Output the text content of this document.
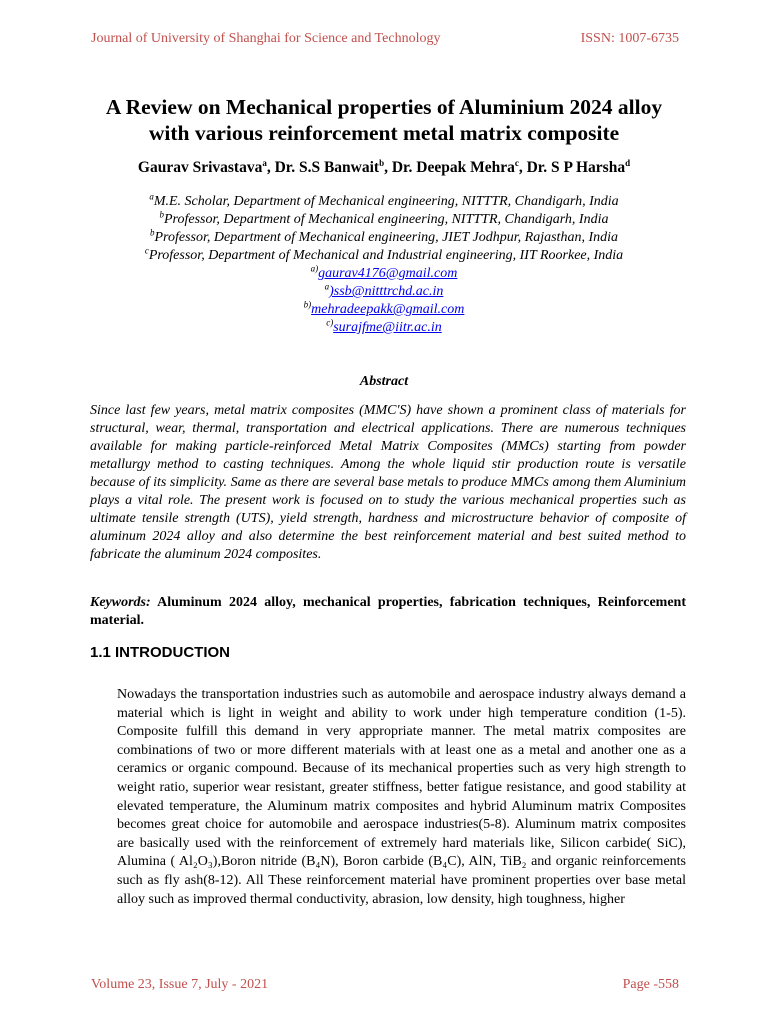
Journal of University of Shanghai for Science and Technology	ISSN: 1007-6735
A Review on Mechanical properties of Aluminium 2024 alloy
with various reinforcement metal matrix composite
Gaurav Srivastava$^a$, Dr. S.S Banwait$^b$, Dr. Deepak Mehra$^c$, Dr. S P Harsha$^d$
$^a$M.E. Scholar, Department of Mechanical engineering, NITTTR, Chandigarh, India
$^b$Professor, Department of Mechanical engineering, NITTTR, Chandigarh, India
$^b$Professor, Department of Mechanical engineering, JIET Jodhpur, Rajasthan, India
$^c$Professor, Department of Mechanical and Industrial engineering, IIT Roorkee, India
$^{a)}$gaurav4176@gmail.com
$^a$)ssb@nitttrchd.ac.in
$^{b)}$mehradeepakk@gmail.com
$^{c)}$surajfme@iitr.ac.in
Abstract

Since last few years, metal matrix composites (MMC'S) have shown a prominent class of materials for structural, wear, thermal, transportation and electrical applications. There are numerous techniques available for making particle-reinforced Metal Matrix Composites (MMCs) starting from powder metallurgy method to casting techniques. Among the whole liquid stir production route is versatile because of its simplicity. Same as there are several base metals to produce MMCs among them Aluminium plays a vital role. The present work is focused on to study the various mechanical properties such as ultimate tensile strength (UTS), yield strength, hardness and microstructure behavior of composite of aluminum 2024 alloy and also determine the best reinforcement material and best suited method to fabricate the aluminum 2024 composites.

Keywords: Aluminum 2024 alloy, mechanical properties, fabrication techniques, Reinforcement material.

1.1 INTRODUCTION

Nowadays the transportation industries such as automobile and aerospace industry always demand a material which is light in weight and ability to work under high temperature condition (1-5). Composite fulfill this demand in very appropriate manner. The metal matrix composites are combinations of two or more different materials with at least one as a metal and another one as a ceramics or organic compound. Because of its mechanical properties such as very high strength to weight ratio, superior wear resistant, greater stiffness, better fatigue resistance, and good stability at elevated temperature, the Aluminum matrix composites and hybrid Aluminum matrix Composites becomes great choice for automobile and aerospace industries(5-8). Aluminum matrix composites are basically used with the reinforcement of extremely hard materials like, Silicon carbide( SiC), Alumina ( Al₂O₃),Boron nitride (B₄N), Boron carbide (B₄C), AlN, TiB₂ and organic reinforcements such as fly ash(8-12). All These reinforcement material have prominent properties over base metal alloy such as improved thermal conductivity, abrasion, low density, high toughness, higher

Volume 23, Issue 7, July - 2021	Page -558
